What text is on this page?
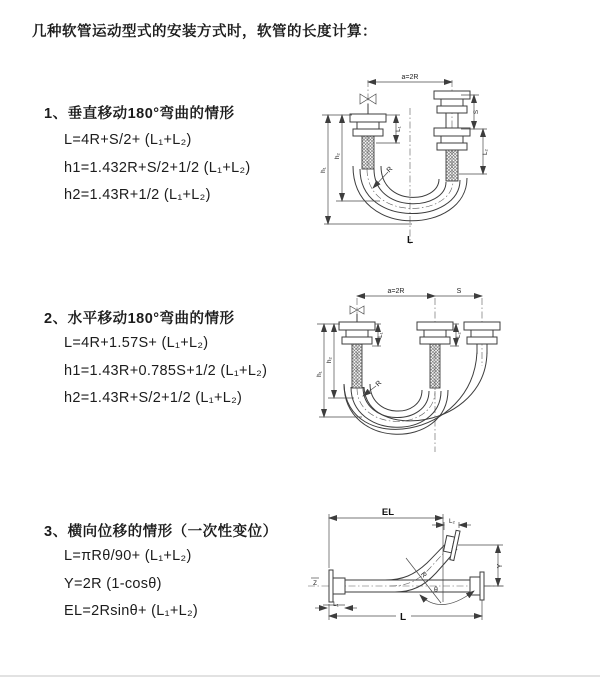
几种软管运动型式的安装方式时，软管的长度计算：
1、垂直移动180°弯曲的情形
L=4R+S/2+ (L₁+L₂)
h1=1.432R+S/2+1/2 (L₁+L₂)
h2=1.43R+1/2 (L₁+L₂)
2、水平移动180°弯曲的情形
L=4R+1.57S+ (L₁+L₂)
h1=1.43R+0.785S+1/2 (L₁+L₂)
h2=1.43R+S/2+1/2 (L₁+L₂)
3、横向位移的情形（一次性变位）
L=πRθ/90+ (L₁+L₂)
Y=2R (1-cosθ)
EL=2Rsinθ+ (L₁+L₂)
a=2R
h₁
h₂
L₁
S
L₂
R
L
a=2R	S
h₁
h₂
L₁	L₂
R
Z
EL
L₂
Y
R
θ
L₁
L
